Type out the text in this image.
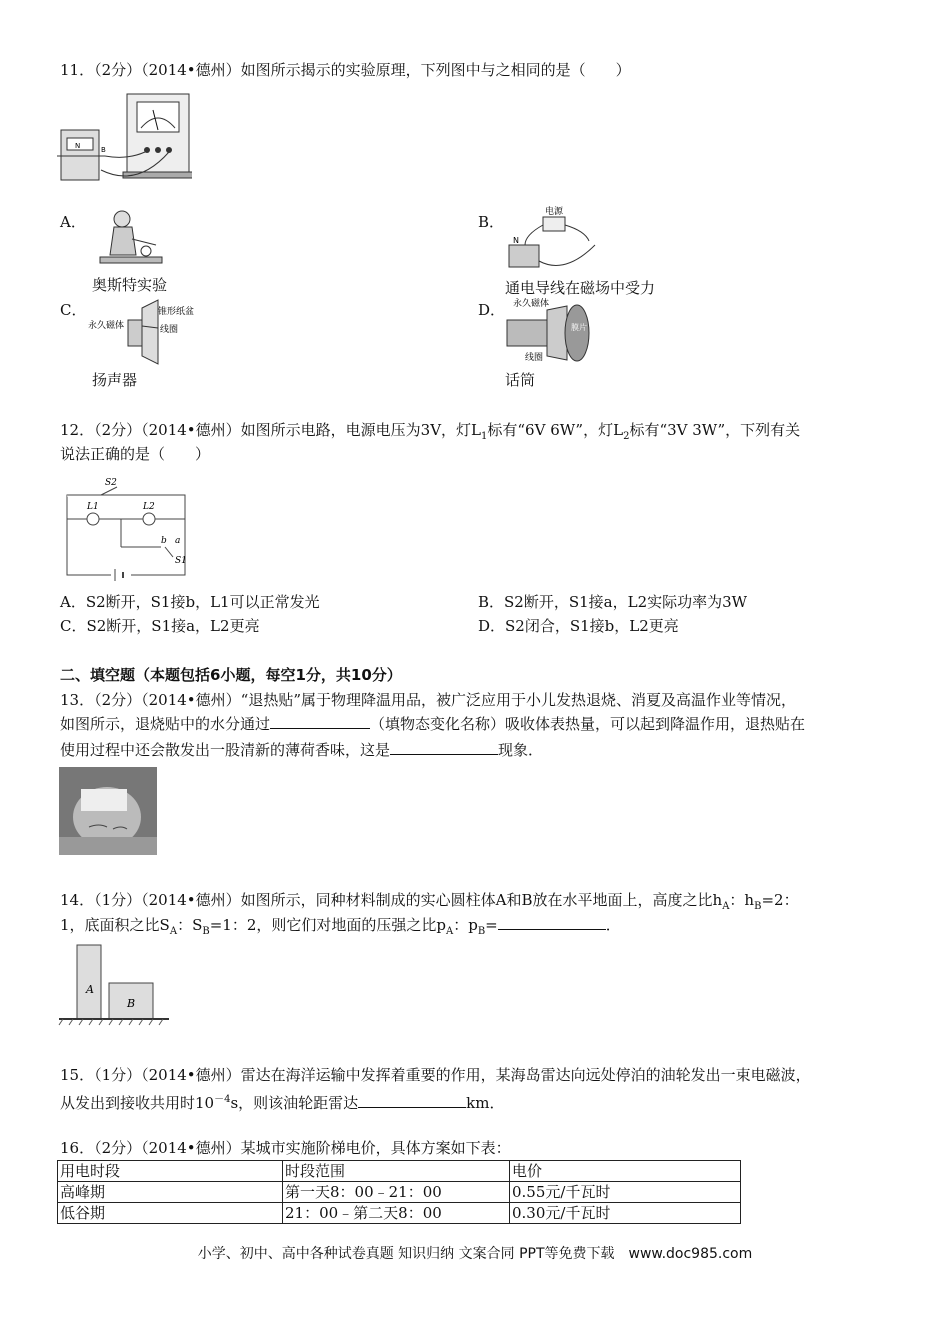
11．（2分）（2014•德州）如图所示揭示的实验原理，下列图中与之相同的是（　　）
N	B
A．
奥斯特实验
B．
电源
N
通电导线在磁场中受力
C．
永久磁体
锥形纸盆
线圈
扬声器
D． 永久磁体
膜片
线圈
话筒
12．（2分）（2014•德州）如图所示电路，电源电压为3V，灯$L_1$标有“6V 6W”，灯$L_2$标有“3V 3W”，下列有关
说法正确的是（　　）
S2
L1	L2
b a
S1
A．S2断开，S1接b，L1可以正常发光	B．S2断开，S1接a，L2实际功率为3W
C．S2断开，S1接a，L2更亮	D．S2闭合，S1接b，L2更亮
二、填空题（本题包括6小题，每空1分，共10分）
13．（2分）（2014•德州）“退热贴”属于物理降温用品，被广泛应用于小儿发热退烧、消夏及高温作业等情况，
如图所示，退烧贴中的水分通过	（填物态变化名称）吸收体表热量，可以起到降温作用，退热贴在
使用过程中还会散发出一股清新的薄荷香味，这是	现象．
14．（1分）（2014•德州）如图所示，同种材料制成的实心圆柱体A和B放在水平地面上，高度之比$h_A$：$h_B=2$：
1，底面积之比$S_A$：$S_B=1$：2，则它们对地面的压强之比$p_A$：$p_B=$	．
A
B
15．（1分）（2014•德州）雷达在海洋运输中发挥着重要的作用，某海岛雷达向远处停泊的油轮发出一束电磁波，
从发出到接收共用时$10^{-4}s$，则该油轮距雷达	km．
16．（2分）（2014•德州）某城市实施阶梯电价，具体方案如下表：
用电时段	时段范围	电价
高峰期	第一天8：00﹣21：00	0.55元/千瓦时
低谷期	21：00﹣第二天8：00	0.30元/千瓦时
小学、初中、高中各种试卷真题 知识归纳 文案合同 PPT等免费下载　www.doc985.com
